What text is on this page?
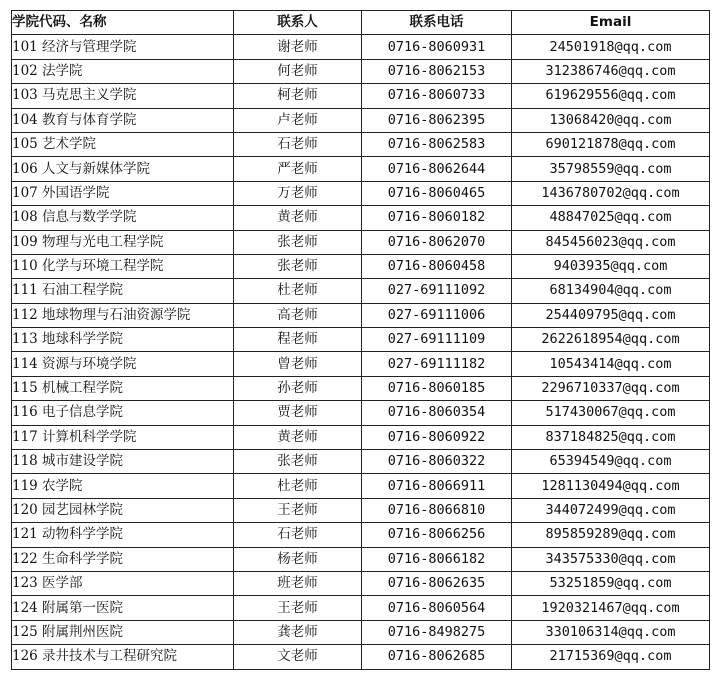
学院代码、名称	联系人	联系电话	Email
101 经济与管理学院	谢老师	0716-8060931	24501918@qq.com
102 法学院	何老师	0716-8062153	312386746@qq.com
103 马克思主义学院	柯老师	0716-8060733	619629556@qq.com
104 教育与体育学院	卢老师	0716-8062395	13068420@qq.com
105 艺术学院	石老师	0716-8062583	690121878@qq.com
106 人文与新媒体学院	严老师	0716-8062644	35798559@qq.com
107 外国语学院	万老师	0716-8060465	1436780702@qq.com
108 信息与数学学院	黄老师	0716-8060182	48847025@qq.com
109 物理与光电工程学院	张老师	0716-8062070	845456023@qq.com
110 化学与环境工程学院	张老师	0716-8060458	9403935@qq.com
111 石油工程学院	杜老师	027-69111092	68134904@qq.com
112 地球物理与石油资源学院	高老师	027-69111006	254409795@qq.com
113 地球科学学院	程老师	027-69111109	2622618954@qq.com
114 资源与环境学院	曾老师	027-69111182	10543414@qq.com
115 机械工程学院	孙老师	0716-8060185	2296710337@qq.com
116 电子信息学院	贾老师	0716-8060354	517430067@qq.com
117 计算机科学学院	黄老师	0716-8060922	837184825@qq.com
118 城市建设学院	张老师	0716-8060322	65394549@qq.com
119 农学院	杜老师	0716-8066911	1281130494@qq.com
120 园艺园林学院	王老师	0716-8066810	344072499@qq.com
121 动物科学学院	石老师	0716-8066256	895859289@qq.com
122 生命科学学院	杨老师	0716-8066182	343575330@qq.com
123 医学部	班老师	0716-8062635	53251859@qq.com
124 附属第一医院	王老师	0716-8060564	1920321467@qq.com
125 附属荆州医院	龚老师	0716-8498275	330106314@qq.com
126 录井技术与工程研究院	文老师	0716-8062685	21715369@qq.com
